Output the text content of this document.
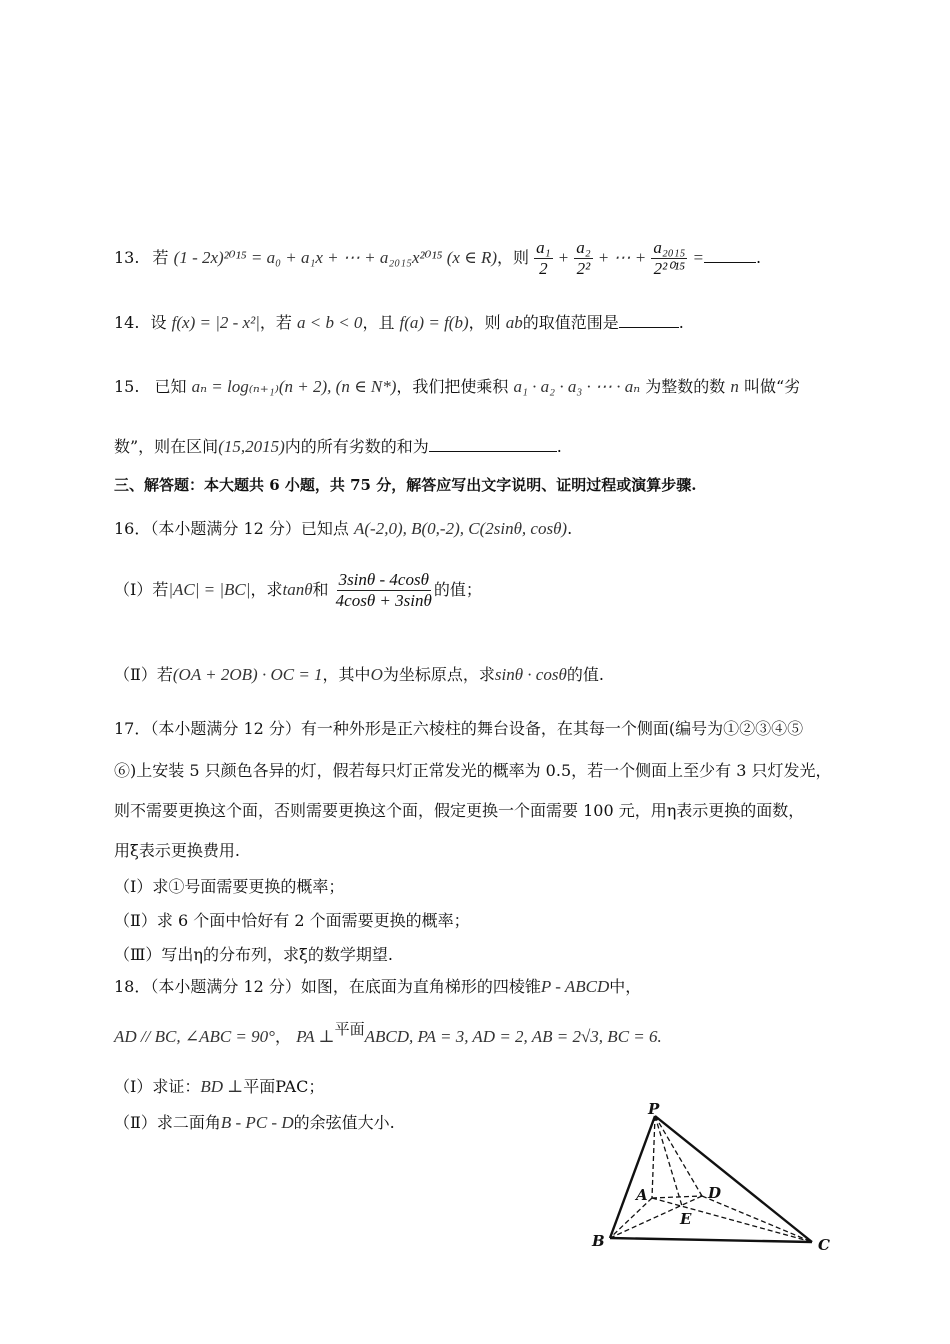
13. 若 (1 - 2x)²⁰¹⁵ = a₀ + a₁x + ⋯ + a₂₀₁₅x²⁰¹⁵ (x ∈ R)，则 $\frac{\text{a₁}}{2} + \frac{\text{a₂}}{\text{2²}}$ + ⋯ + $\frac{\text{a₂₀₁₅}}{\text{2²⁰¹⁵}}$ =	.
14. 设 f(x) = |2 - x²|，若 a < b < 0，且 f(a) = f(b)，则 ab的取值范围是	.
15. 已知 aₙ = log₍ₙ₊₁₎(n + 2), (n ∈ N*)，我们把使乘积 a₁ · a₂ · a₃ · ⋯ · aₙ 为整数的数 n 叫做“劣
数”，则在区间(15,2015)内的所有劣数的和为	.
三、解答题：本大题共 6 小题，共 75 分，解答应写出文字说明、证明过程或演算步骤.
16．（本小题满分 12 分）已知点 A(-2,0), B(0,-2), C(2sinθ, cosθ).
（Ⅰ）若|AC| = |BC|，求tanθ和 $\frac{3\sin\theta - 4\cos\theta}{4\cos\theta + 3\sin\theta}$ 的值；
（Ⅱ）若(OA + 2OB) · OC = 1，其中O为坐标原点，求sinθ · cosθ的值.
17．（本小题满分 12 分）有一种外形是正六棱柱的舞台设备，在其每一个侧面(编号为①②③④⑤
⑥)上安装 5 只颜色各异的灯，假若每只灯正常发光的概率为 0.5，若一个侧面上至少有 3 只灯发光，
则不需要更换这个面，否则需要更换这个面，假定更换一个面需要 100 元，用η表示更换的面数，
用ξ表示更换费用.
（Ⅰ）求①号面需要更换的概率；
（Ⅱ）求 6 个面中恰好有 2 个面需要更换的概率；
（Ⅲ）写出η的分布列，求ξ的数学期望.
18．（本小题满分 12 分）如图，在底面为直角梯形的四棱锥P - ABCD中，
AD // BC, ∠ABC = 90°， PA ⊥平面ABCD, PA = 3, AD = 2, AB = 2√3, BC = 6.
（Ⅰ）求证：BD ⊥平面PAC；
（Ⅱ）求二面角B - PC - D的余弦值大小.
P
A	D
E
B	C
